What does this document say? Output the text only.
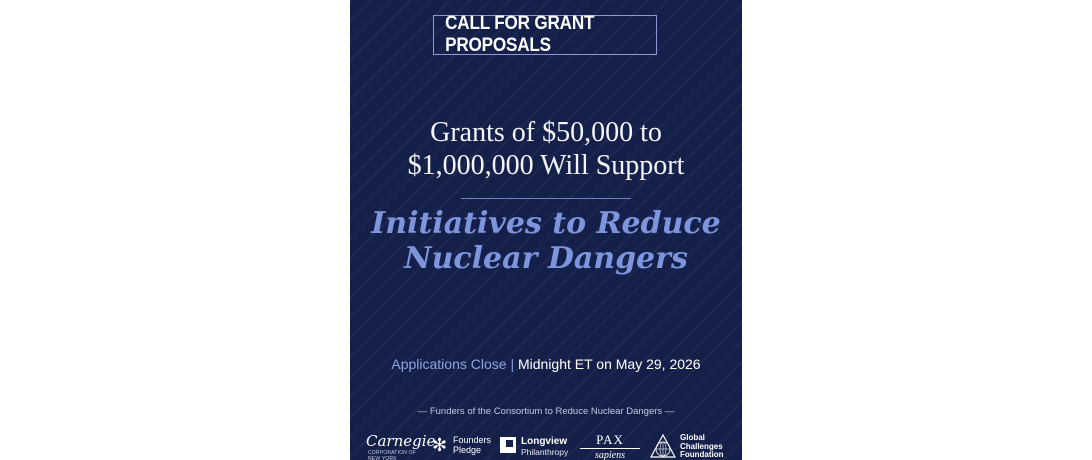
CALL FOR GRANT PROPOSALS
Grants of $50,000 to
$1,000,000 Will Support
Initiatives to Reduce
Nuclear Dangers
Applications Close | Midnight ET on May 29, 2026
— Funders of the Consortium to Reduce Nuclear Dangers —
Carnegie
CORPORATION OF NEW YORK
✻ Founders
Pledge
Longview
Philanthropy
PAX
sapiens
Global
Challenges
Foundation
